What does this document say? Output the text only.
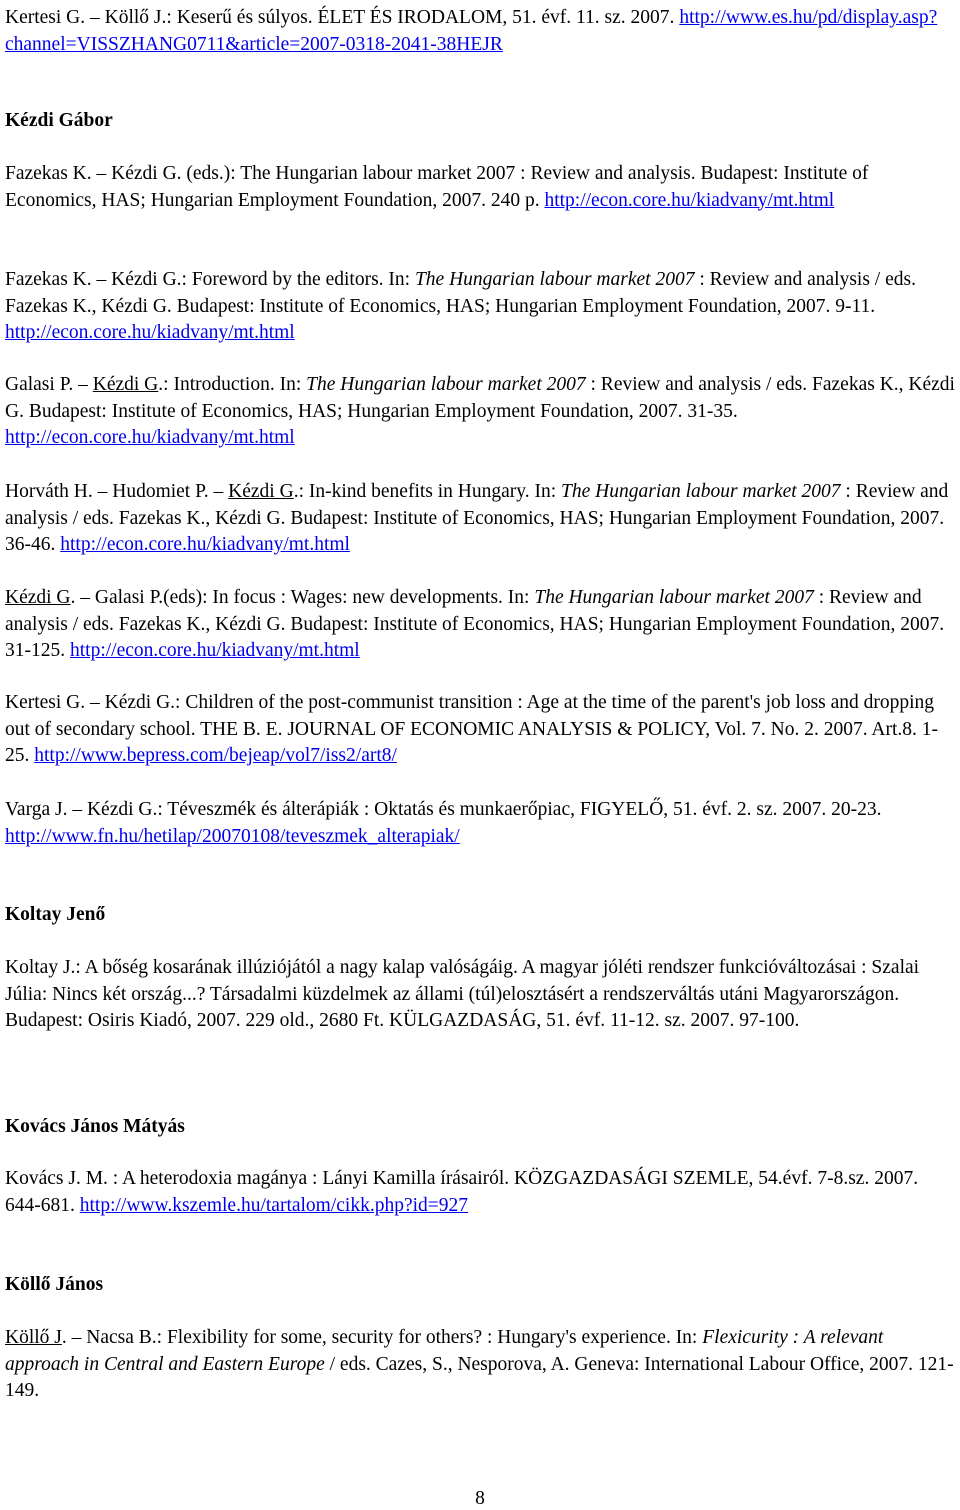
Kertesi G. – Köllő J.: Keserű és súlyos. ÉLET ÉS IRODALOM, 51. évf. 11. sz. 2007. http://www.es.hu/pd/display.asp?channel=VISSZHANG0711&article=2007-0318-2041-38HEJR
Kézdi Gábor
Fazekas K. – Kézdi G. (eds.): The Hungarian labour market 2007 : Review and analysis. Budapest: Institute of Economics, HAS; Hungarian Employment Foundation, 2007. 240 p. http://econ.core.hu/kiadvany/mt.html
Fazekas K. – Kézdi G.: Foreword by the editors. In: The Hungarian labour market 2007 : Review and analysis / eds. Fazekas K., Kézdi G. Budapest: Institute of Economics, HAS; Hungarian Employment Foundation, 2007. 9-11. http://econ.core.hu/kiadvany/mt.html
Galasi P. – Kézdi G.: Introduction. In: The Hungarian labour market 2007 : Review and analysis / eds. Fazekas K., Kézdi G. Budapest: Institute of Economics, HAS; Hungarian Employment Foundation, 2007. 31-35. http://econ.core.hu/kiadvany/mt.html
Horváth H. – Hudomiet P. – Kézdi G.: In-kind benefits in Hungary. In: The Hungarian labour market 2007 : Review and analysis / eds. Fazekas K., Kézdi G. Budapest: Institute of Economics, HAS; Hungarian Employment Foundation, 2007. 36-46. http://econ.core.hu/kiadvany/mt.html
Kézdi G. – Galasi P.(eds): In focus : Wages: new developments. In: The Hungarian labour market 2007 : Review and analysis / eds. Fazekas K., Kézdi G. Budapest: Institute of Economics, HAS; Hungarian Employment Foundation, 2007. 31-125. http://econ.core.hu/kiadvany/mt.html
Kertesi G. – Kézdi G.: Children of the post-communist transition : Age at the time of the parent's job loss and dropping out of secondary school. THE B. E. JOURNAL OF ECONOMIC ANALYSIS & POLICY, Vol. 7. No. 2. 2007. Art.8. 1-25. http://www.bepress.com/bejeap/vol7/iss2/art8/
Varga J. – Kézdi G.: Téveszmék és álterápiák : Oktatás és munkaerőpiac, FIGYELŐ, 51. évf. 2. sz. 2007. 20-23. http://www.fn.hu/hetilap/20070108/teveszmek_alterapiak/
Koltay Jenő
Koltay J.: A bőség kosarának illúziójától a nagy kalap valóságáig. A magyar jóléti rendszer funkcióváltozásai : Szalai Júlia: Nincs két ország...? Társadalmi küzdelmek az állami (túl)elosztásért a rendszerváltás utáni Magyarországon. Budapest: Osiris Kiadó, 2007. 229 old., 2680 Ft. KÜLGAZDASÁG, 51. évf. 11-12. sz. 2007. 97-100.
Kovács János Mátyás
Kovács J. M. : A heterodoxia magánya : Lányi Kamilla írásairól. KÖZGAZDASÁGI SZEMLE, 54.évf. 7-8.sz. 2007. 644-681. http://www.kszemle.hu/tartalom/cikk.php?id=927
Köllő János
Köllő J. – Nacsa B.: Flexibility for some, security for others? : Hungary's experience. In: Flexicurity : A relevant approach in Central and Eastern Europe / eds. Cazes, S., Nesporova, A. Geneva: International Labour Office, 2007. 121-149.
8
